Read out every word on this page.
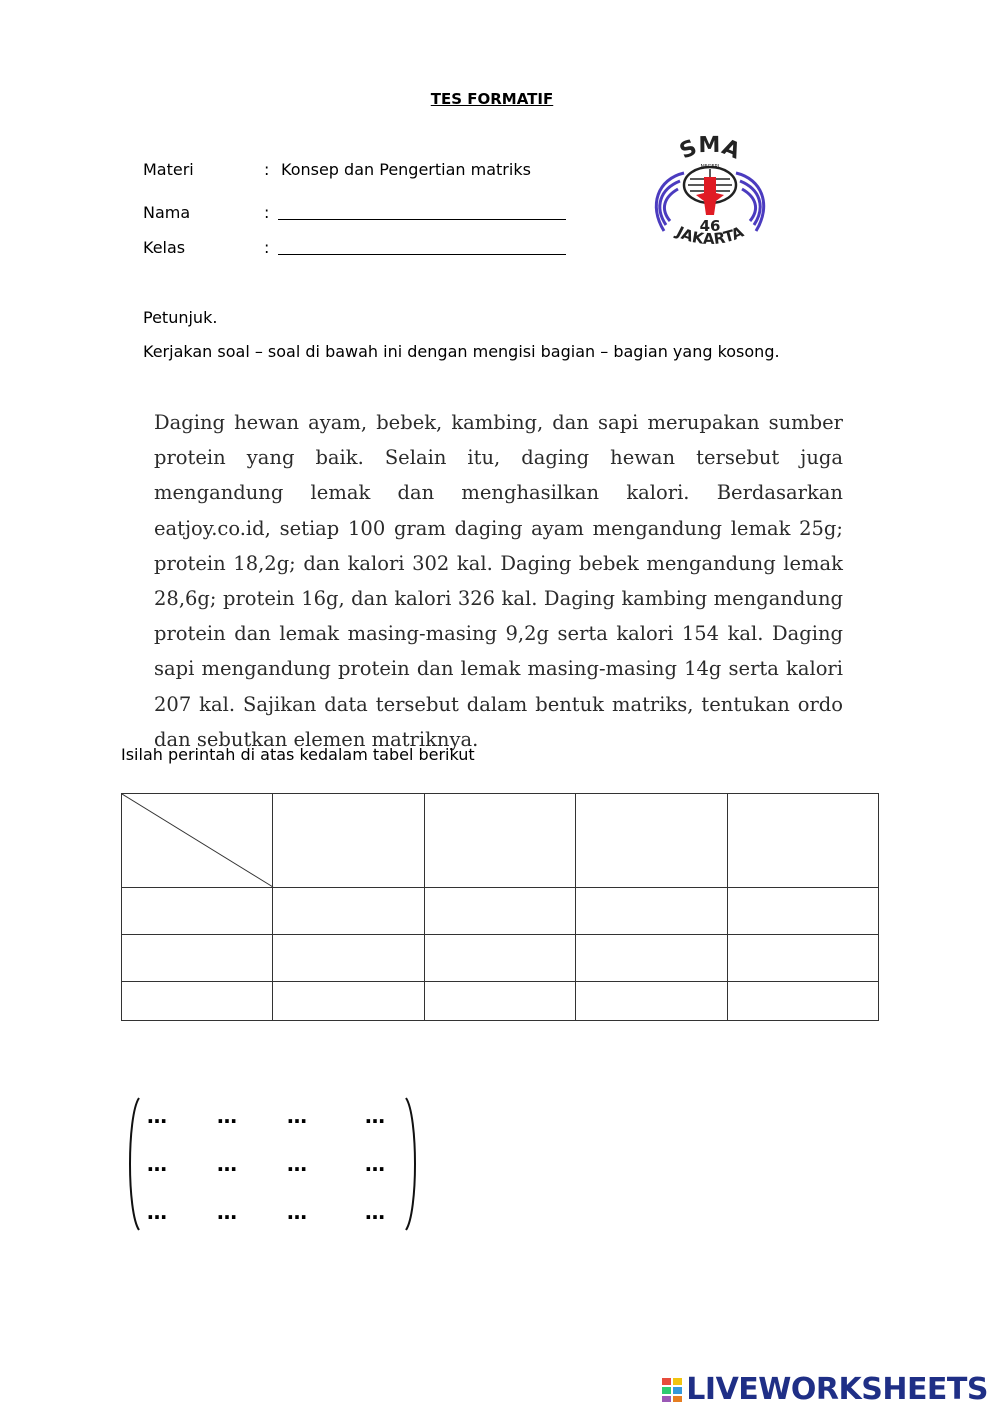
TES FORMATIF
Materi	: Konsep dan Pengertian matriks
Nama	:
Kelas	:
SMA
NEGERI
46
JAKARTA
Petunjuk.
Kerjakan soal – soal di bawah ini dengan mengisi bagian – bagian yang kosong.
Daging hewan ayam, bebek, kambing, dan sapi merupakan sumber protein yang baik. Selain itu, daging hewan tersebut juga mengandung lemak dan menghasilkan kalori. Berdasarkan eatjoy.co.id, setiap 100 gram daging ayam mengandung lemak 25g; protein 18,2g; dan kalori 302 kal. Daging bebek mengandung lemak 28,6g; protein 16g, dan kalori 326 kal. Daging kambing mengandung protein dan lemak masing-masing 9,2g serta kalori 154 kal. Daging sapi mengandung protein dan lemak masing-masing 14g serta kalori 207 kal. Sajikan data tersebut dalam bentuk matriks, tentukan ordo dan sebutkan elemen matriknya.
Isilah perintah di atas kedalam tabel berikut

… … …	…
… … …	…
… … …	…
LIVEWORKSHEETS
